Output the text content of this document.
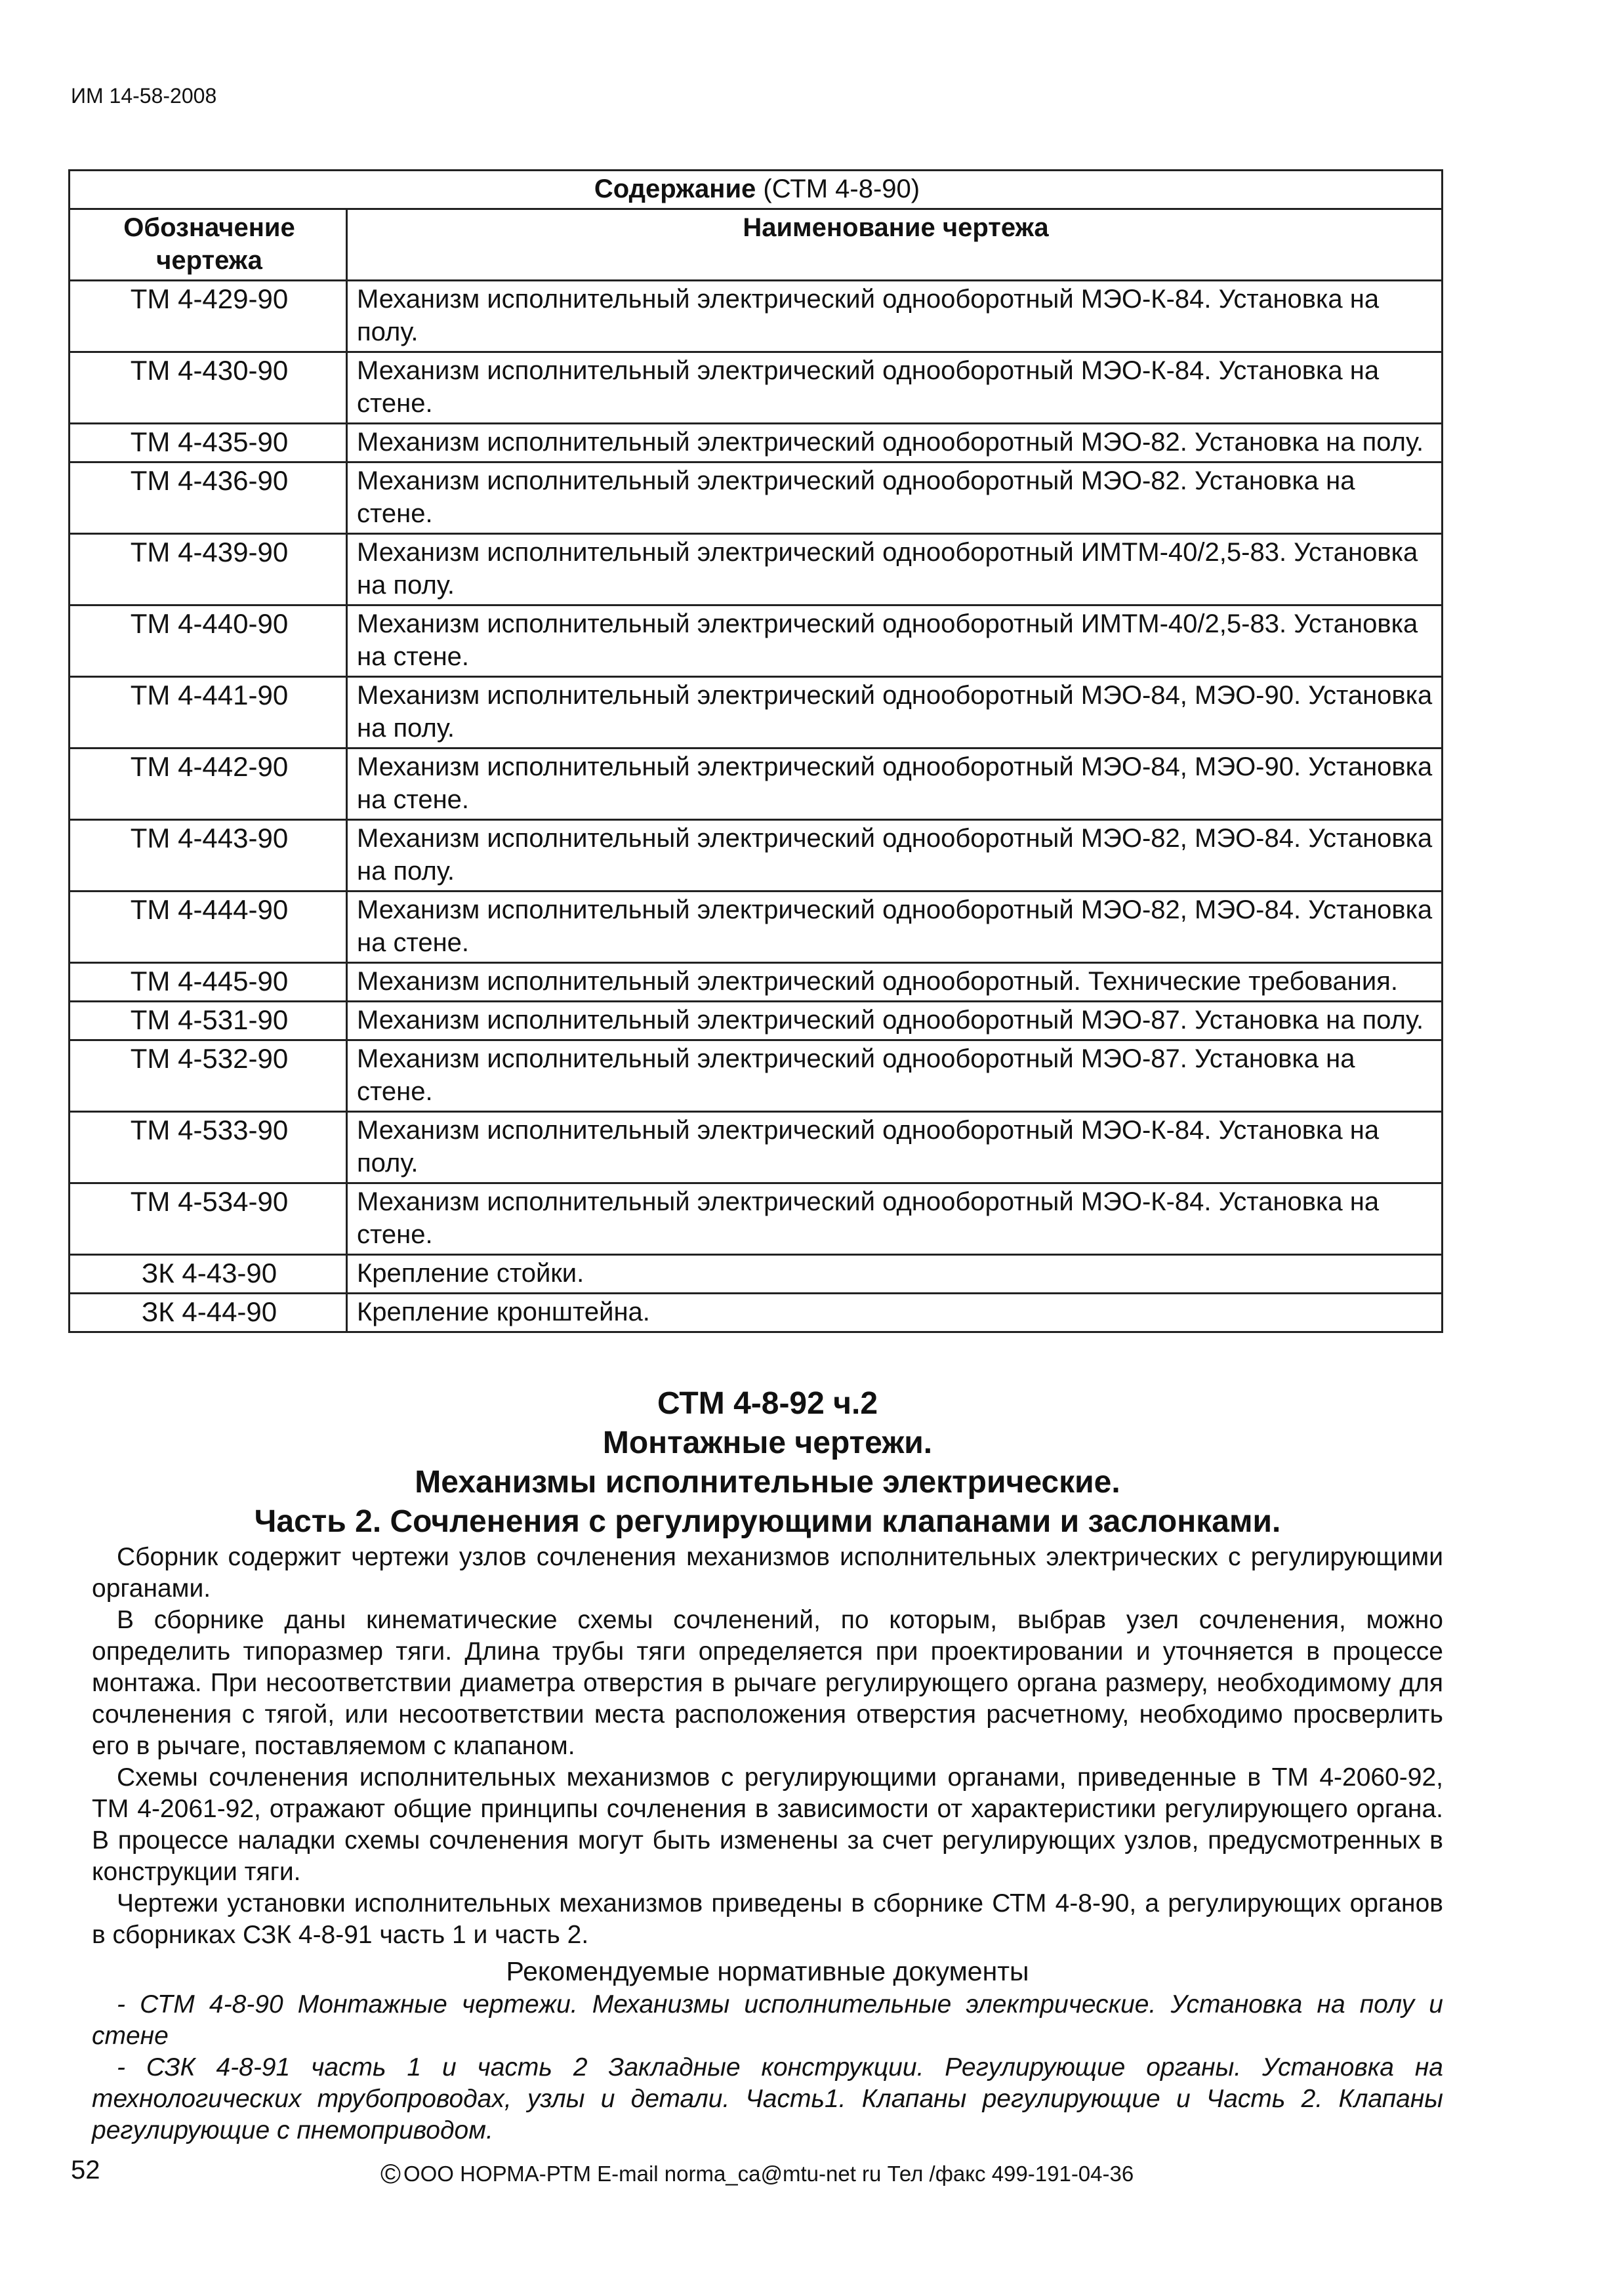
ИМ 14-58-2008
Содержание (СТМ 4-8-90)	
Обозначение чертежа	Наименование чертежа
ТМ 4-429-90	Механизм исполнительный электрический однооборотный МЭО-К-84. Установка на полу.
ТМ 4-430-90	Механизм исполнительный электрический однооборотный МЭО-К-84. Установка на стене.
ТМ 4-435-90	Механизм исполнительный электрический однооборотный МЭО-82. Установка на полу.
ТМ 4-436-90	Механизм исполнительный электрический однооборотный МЭО-82. Установка на стене.
ТМ 4-439-90	Механизм исполнительный электрический однооборотный ИМТМ-40/2,5-83. Установка на полу.
ТМ 4-440-90	Механизм исполнительный электрический однооборотный ИМТМ-40/2,5-83. Установка на стене.
ТМ 4-441-90	Механизм исполнительный электрический однооборотный МЭО-84, МЭО-90. Установка на полу.
ТМ 4-442-90	Механизм исполнительный электрический однооборотный МЭО-84, МЭО-90. Установка на стене.
ТМ 4-443-90	Механизм исполнительный электрический однооборотный МЭО-82, МЭО-84. Установка на полу.
ТМ 4-444-90	Механизм исполнительный электрический однооборотный МЭО-82, МЭО-84. Установка на стене.
ТМ 4-445-90	Механизм исполнительный электрический однооборотный. Технические требования.
ТМ 4-531-90	Механизм исполнительный электрический однооборотный МЭО-87. Установка на полу.
ТМ 4-532-90	Механизм исполнительный электрический однооборотный МЭО-87. Установка на стене.
ТМ 4-533-90	Механизм исполнительный электрический однооборотный МЭО-К-84. Установка на полу.
ТМ 4-534-90	Механизм исполнительный электрический однооборотный МЭО-К-84. Установка на стене.
ЗК 4-43-90	Крепление стойки.
ЗК 4-44-90	Крепление кронштейна.
СТМ 4-8-92 ч.2
Монтажные чертежи.
Механизмы исполнительные электрические.
Часть 2. Сочленения с регулирующими клапанами и заслонками.

Сборник содержит чертежи узлов сочленения механизмов исполнительных электрических с регулирующими органами.

В сборнике даны кинематические схемы сочленений, по которым, выбрав узел сочленения, можно определить типоразмер тяги. Длина трубы тяги определяется при проектировании и уточняется в процессе монтажа. При несоответствии диаметра отверстия в рычаге регулирующего органа размеру, необходимому для сочленения с тягой, или несоответствии места расположения отверстия расчетному, необходимо просверлить его в рычаге, поставляемом с клапаном.

Схемы сочленения исполнительных механизмов с регулирующими органами, приведенные в ТМ 4-2060-92, ТМ 4-2061-92, отражают общие принципы сочленения в зависимости от характеристики регулирующего органа. В процессе наладки схемы сочленения могут быть изменены за счет регулирующих узлов, предусмотренных в конструкции тяги.

Чертежи установки исполнительных механизмов приведены в сборнике СТМ 4-8-90, а регулирующих органов в сборниках СЗК 4-8-91 часть 1 и часть 2.

Рекомендуемые нормативные документы

- СТМ 4-8-90 Монтажные чертежи. Механизмы исполнительные электрические. Установка на полу и стене

- СЗК 4-8-91 часть 1 и часть 2 Закладные конструкции. Регулирующие органы. Установка на технологических трубопроводах, узлы и детали. Часть1. Клапаны регулирующие и Часть 2. Клапаны регулирующие с пнемоприводом.

52	© ООО НОРМА-РТМ E-mail norma_ca@mtu-net ru Тел /факс 499-191-04-36
